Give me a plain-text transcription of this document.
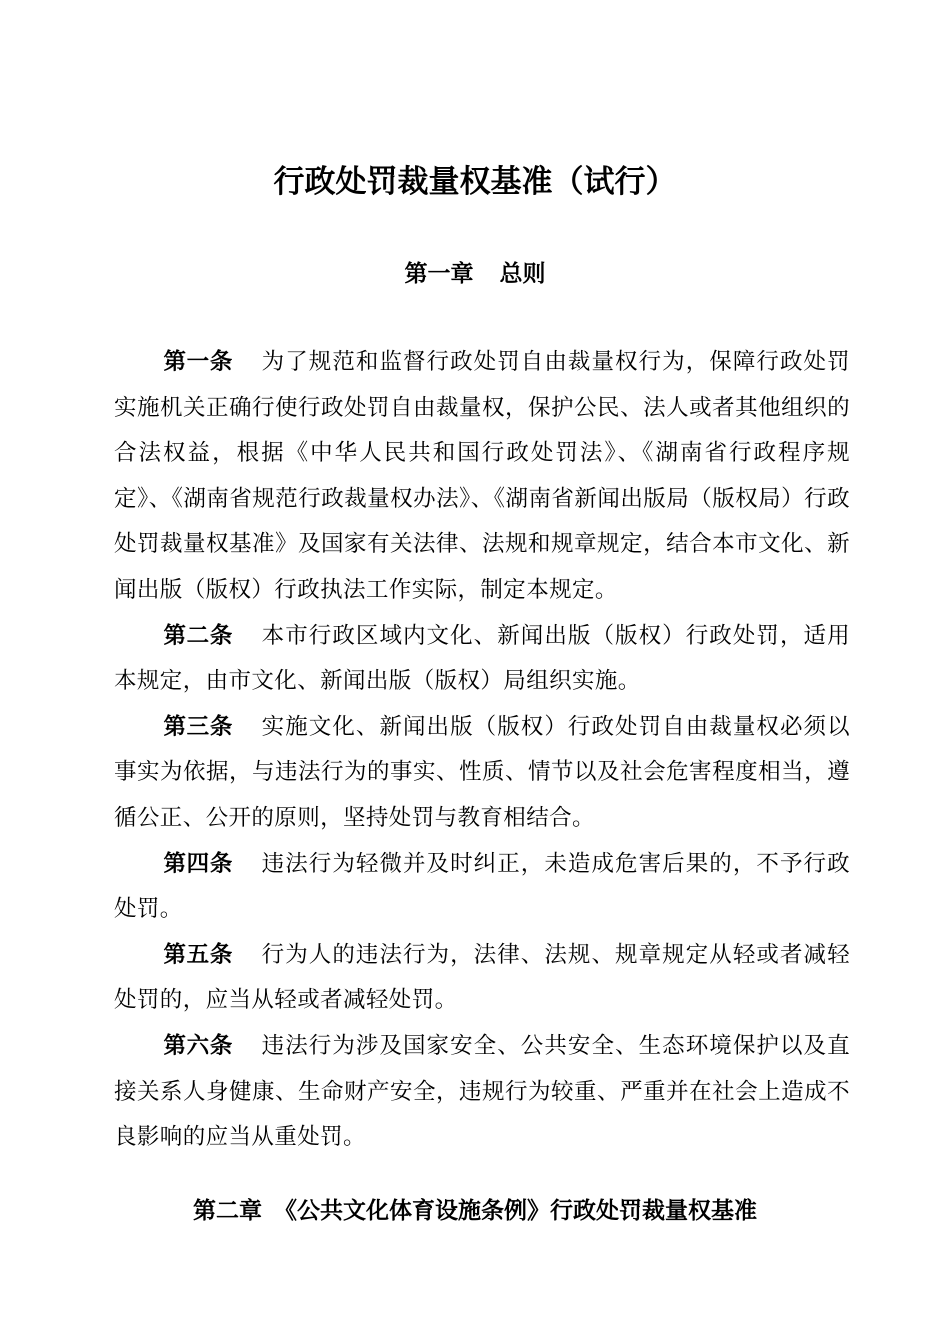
行政处罚裁量权基准（试行）
第一章 总则

第一条 为了规范和监督行政处罚自由裁量权行为，保障行政处罚实施机关正确行使行政处罚自由裁量权，保护公民、法人或者其他组织的合法权益，根据《中华人民共和国行政处罚法》、《湖南省行政程序规定》、《湖南省规范行政裁量权办法》、《湖南省新闻出版局（版权局）行政处罚裁量权基准》及国家有关法律、法规和规章规定，结合本市文化、新闻出版（版权）行政执法工作实际，制定本规定。

第二条 本市行政区域内文化、新闻出版（版权）行政处罚，适用本规定，由市文化、新闻出版（版权）局组织实施。

第三条 实施文化、新闻出版（版权）行政处罚自由裁量权必须以事实为依据，与违法行为的事实、性质、情节以及社会危害程度相当，遵循公正、公开的原则，坚持处罚与教育相结合。

第四条 违法行为轻微并及时纠正，未造成危害后果的，不予行政处罚。

第五条 行为人的违法行为，法律、法规、规章规定从轻或者减轻处罚的，应当从轻或者减轻处罚。

第六条 违法行为涉及国家安全、公共安全、生态环境保护以及直接关系人身健康、生命财产安全，违规行为较重、严重并在社会上造成不良影响的应当从重处罚。

第二章 《公共文化体育设施条例》行政处罚裁量权基准
